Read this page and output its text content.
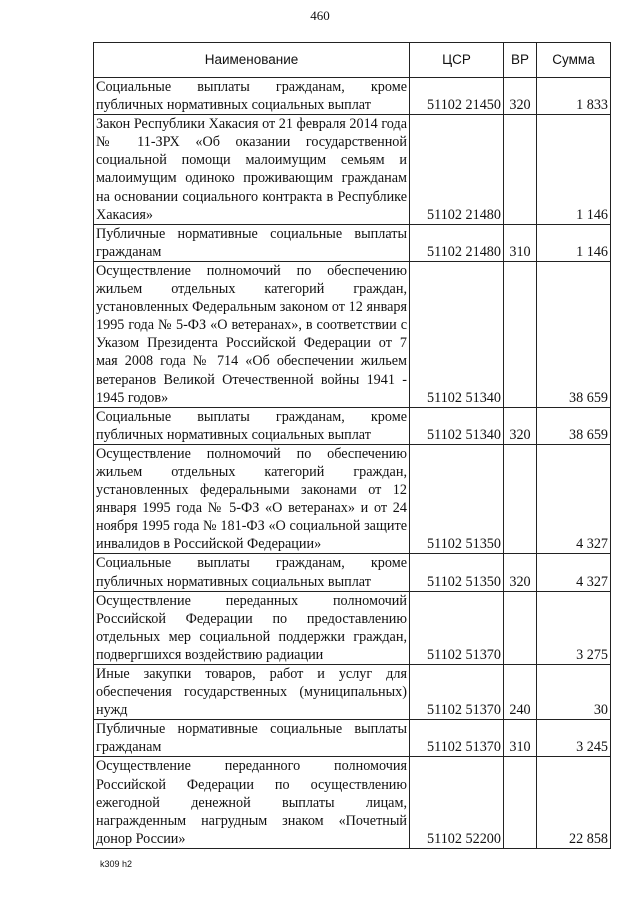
460
Наименование	ЦСР	ВР	Сумма
Социальные выплаты гражданам, кроме публичных нормативных социальных выплат	51102 21450	320	1 833
Закон Республики Хакасия от 21 февраля 2014 года № 11-ЗРХ «Об оказании государственной социальной помощи малоимущим семьям и малоимущим одиноко проживающим гражданам на основании социального контракта в Республике Хакасия»	51102 21480		1 146
Публичные нормативные социальные выплаты гражданам	51102 21480	310	1 146
Осуществление полномочий по обеспечению жильем отдельных категорий граждан, установленных Федеральным законом от 12 января 1995 года № 5-ФЗ «О ветеранах», в соответствии с Указом Президента Российской Федерации от 7 мая 2008 года № 714 «Об обеспечении жильем ветеранов Великой Отечественной войны 1941 - 1945 годов»	51102 51340		38 659
Социальные выплаты гражданам, кроме публичных нормативных социальных выплат	51102 51340	320	38 659
Осуществление полномочий по обеспечению жильем отдельных категорий граждан, установленных федеральными законами от 12 января 1995 года № 5-ФЗ «О ветеранах» и от 24 ноября 1995 года № 181-ФЗ «О социальной защите инвалидов в Российской Федерации»	51102 51350		4 327
Социальные выплаты гражданам, кроме публичных нормативных социальных выплат	51102 51350	320	4 327
Осуществление переданных полномочий Российской Федерации по предоставлению отдельных мер социальной поддержки граждан, подвергшихся воздействию радиации	51102 51370		3 275
Иные закупки товаров, работ и услуг для обеспечения государственных (муниципальных) нужд	51102 51370	240	30
Публичные нормативные социальные выплаты гражданам	51102 51370	310	3 245
Осуществление переданного полномочия Российской Федерации по осуществлению ежегодной денежной выплаты лицам, награжденным нагрудным знаком «Почетный донор России»	51102 52200		22 858
k309 h2
